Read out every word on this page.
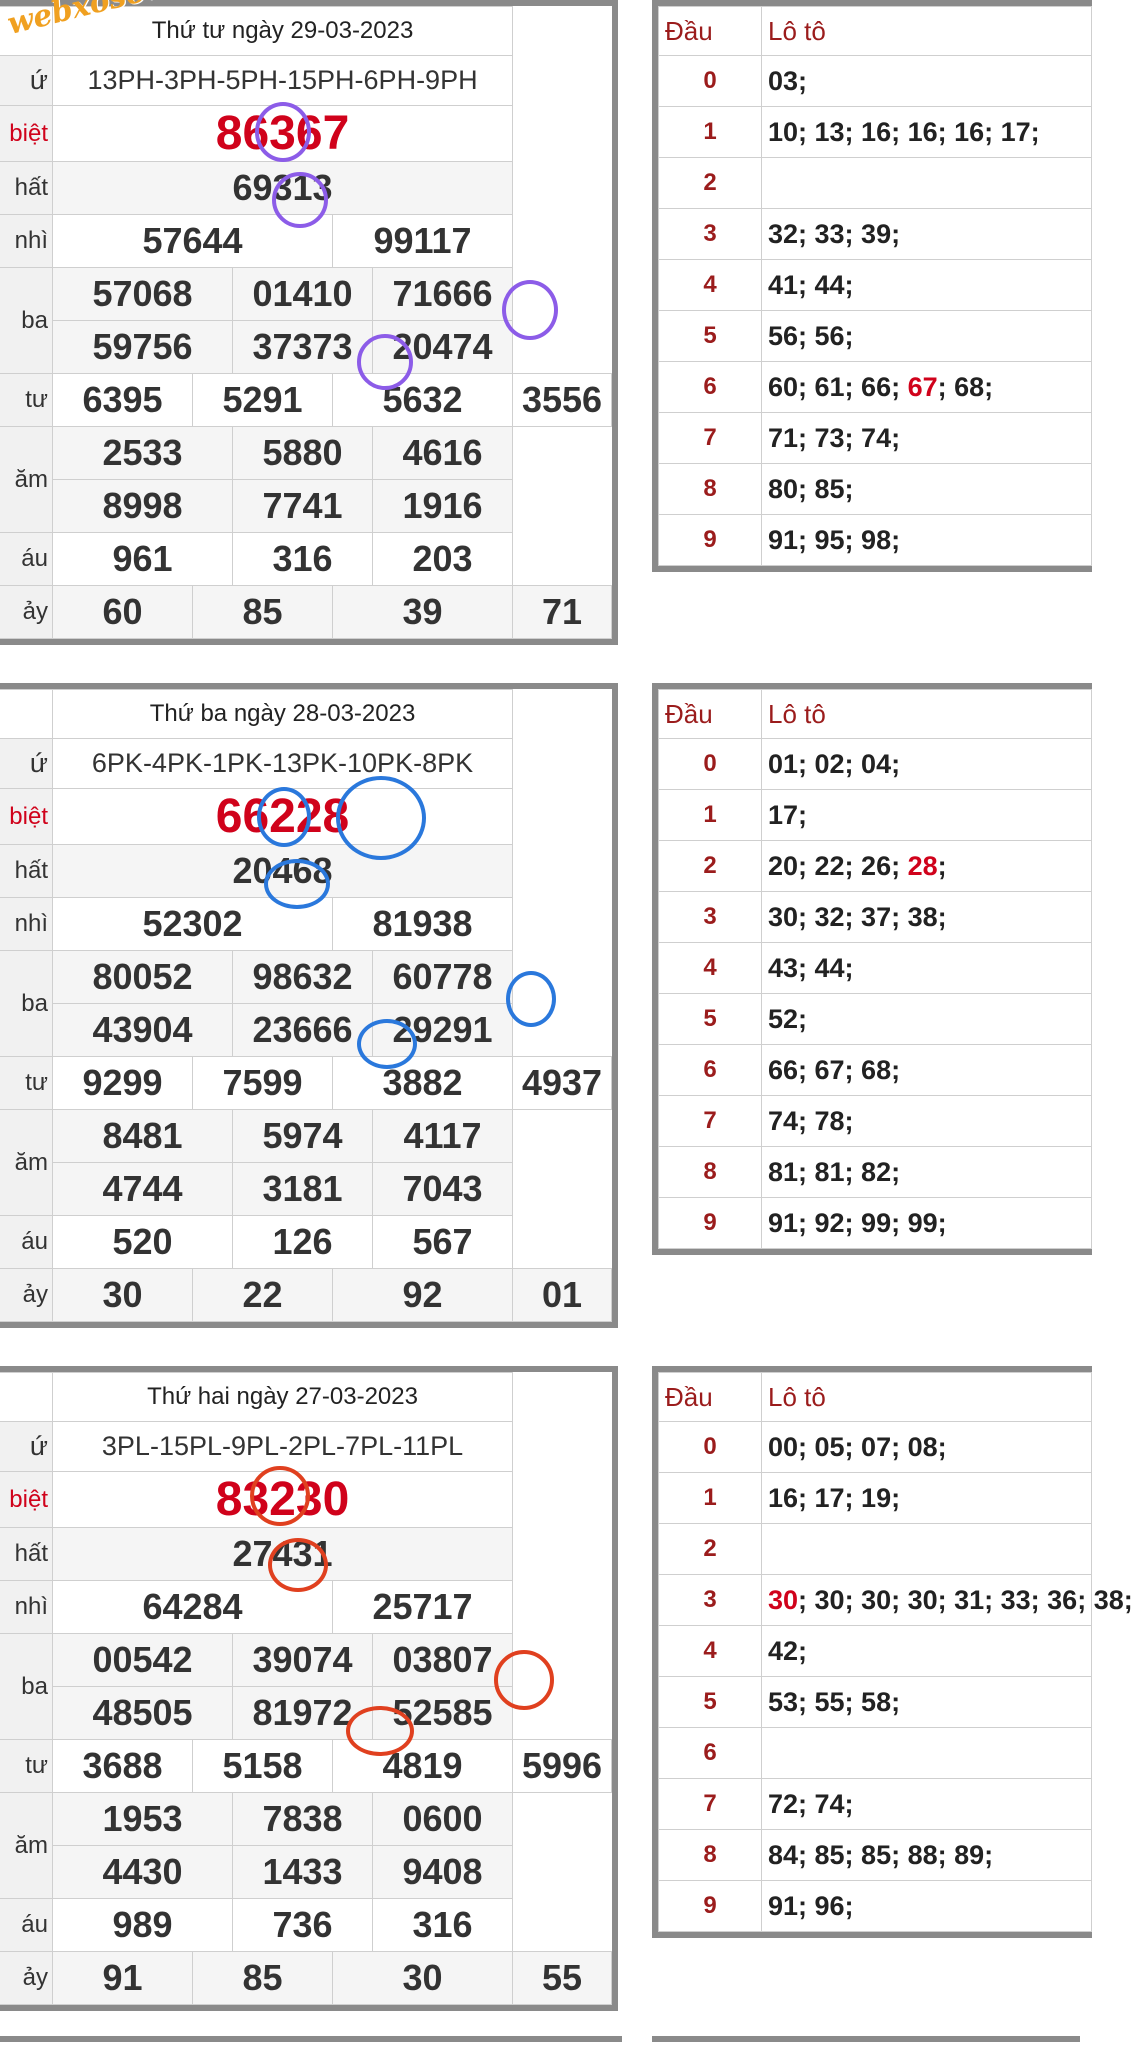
	Thứ tư ngày 29-03-2023					
ứ	13PH-3PH-5PH-15PH-6PH-9PH					
biệt	86367					
hất	69313					
nhì	57644			99117		
ba	57068		01410		71666	
	59756		37373		20474	
tư	6395	5291		5632		3556
ăm	2533		5880		4616	
	8998		7741		1916	
áu	961		316		203	
ảy	60	85		39		71
Đầu	Lô tô
0	03;
1	10; 13; 16; 16; 16; 17;
2	
3	32; 33; 39;
4	41; 44;
5	56; 56;
6	60; 61; 66; 67; 68;
7	71; 73; 74;
8	80; 85;
9	91; 95; 98;
	Thứ ba ngày 28-03-2023					
ứ	6PK-4PK-1PK-13PK-10PK-8PK					
biệt	66228					
hất	20468					
nhì	52302			81938		
ba	80052		98632		60778	
	43904		23666		29291	
tư	9299	7599		3882		4937
ăm	8481		5974		4117	
	4744		3181		7043	
áu	520		126		567	
ảy	30	22		92		01
Đầu	Lô tô
0	01; 02; 04;
1	17;
2	20; 22; 26; 28;
3	30; 32; 37; 38;
4	43; 44;
5	52;
6	66; 67; 68;
7	74; 78;
8	81; 81; 82;
9	91; 92; 99; 99;
	Thứ hai ngày 27-03-2023					
ứ	3PL-15PL-9PL-2PL-7PL-11PL					
biệt	83230					
hất	27431					
nhì	64284			25717		
ba	00542		39074		03807	
	48505		81972		52585	
tư	3688	5158		4819		5996
ăm	1953		7838		0600	
	4430		1433		9408	
áu	989		736		316	
ảy	91	85		30		55
Đầu	Lô tô
0	00; 05; 07; 08;
1	16; 17; 19;
2	
3	30; 30; 30; 30; 31; 33; 36; 38;
4	42;
5	53; 55; 58;
6	
7	72; 74;
8	84; 85; 85; 88; 89;
9	91; 96;
